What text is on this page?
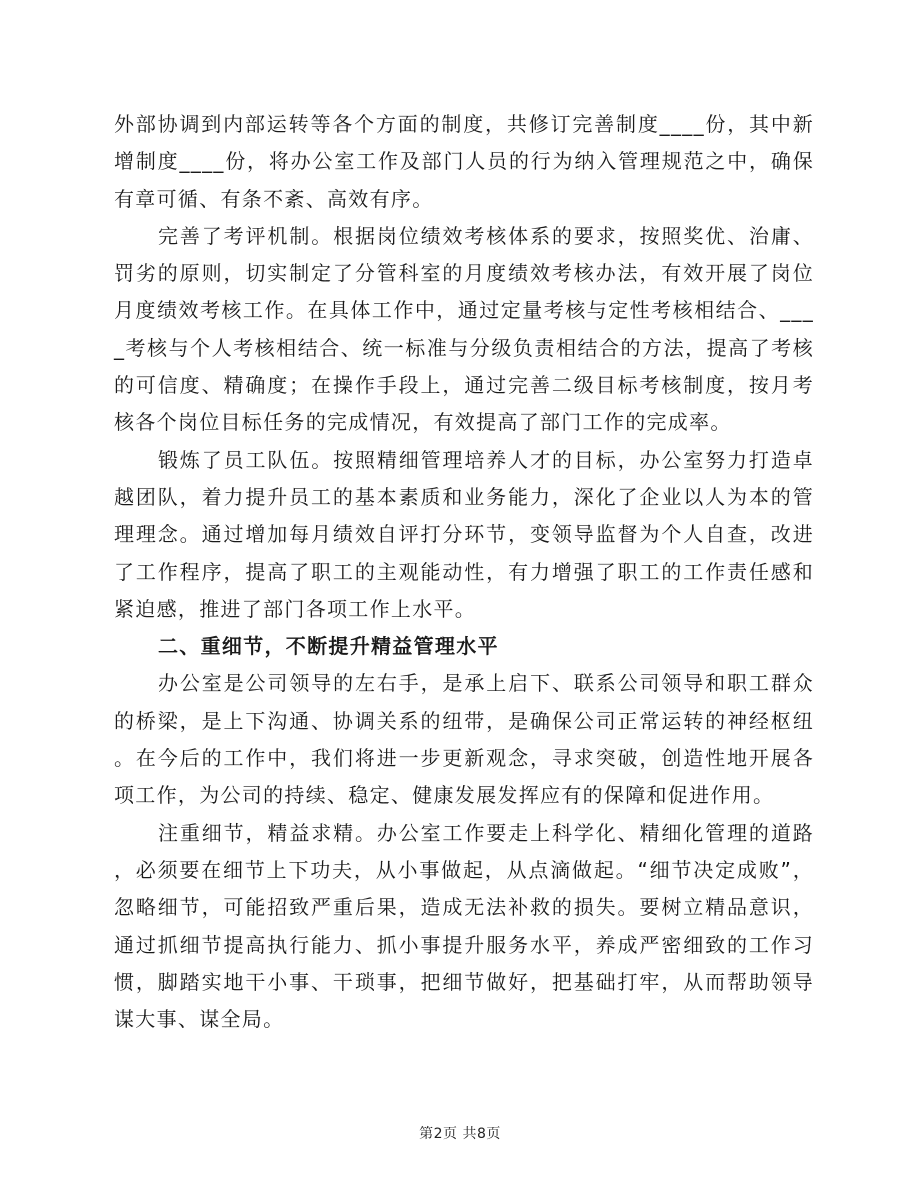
外部协调到内部运转等各个方面的制度，共修订完善制度____份，其中新增制度____份，将办公室工作及部门人员的行为纳入管理规范之中，确保有章可循、有条不紊、高效有序。

完善了考评机制。根据岗位绩效考核体系的要求，按照奖优、治庸、罚劣的原则，切实制定了分管科室的月度绩效考核办法，有效开展了岗位月度绩效考核工作。在具体工作中，通过定量考核与定性考核相结合、____考核与个人考核相结合、统一标准与分级负责相结合的方法，提高了考核的可信度、精确度；在操作手段上，通过完善二级目标考核制度，按月考核各个岗位目标任务的完成情况，有效提高了部门工作的完成率。

锻炼了员工队伍。按照精细管理培养人才的目标，办公室努力打造卓越团队，着力提升员工的基本素质和业务能力，深化了企业以人为本的管理理念。通过增加每月绩效自评打分环节，变领导监督为个人自查，改进了工作程序，提高了职工的主观能动性，有力增强了职工的工作责任感和紧迫感，推进了部门各项工作上水平。

二、重细节，不断提升精益管理水平

办公室是公司领导的左右手，是承上启下、联系公司领导和职工群众的桥梁，是上下沟通、协调关系的纽带，是确保公司正常运转的神经枢纽。在今后的工作中，我们将进一步更新观念，寻求突破，创造性地开展各项工作，为公司的持续、稳定、健康发展发挥应有的保障和促进作用。

注重细节，精益求精。办公室工作要走上科学化、精细化管理的道路，必须要在细节上下功夫，从小事做起，从点滴做起。“细节决定成败”，忽略细节，可能招致严重后果，造成无法补救的损失。要树立精品意识，通过抓细节提高执行能力、抓小事提升服务水平，养成严密细致的工作习惯，脚踏实地干小事、干琐事，把细节做好，把基础打牢，从而帮助领导谋大事、谋全局。

第2页 共8页
